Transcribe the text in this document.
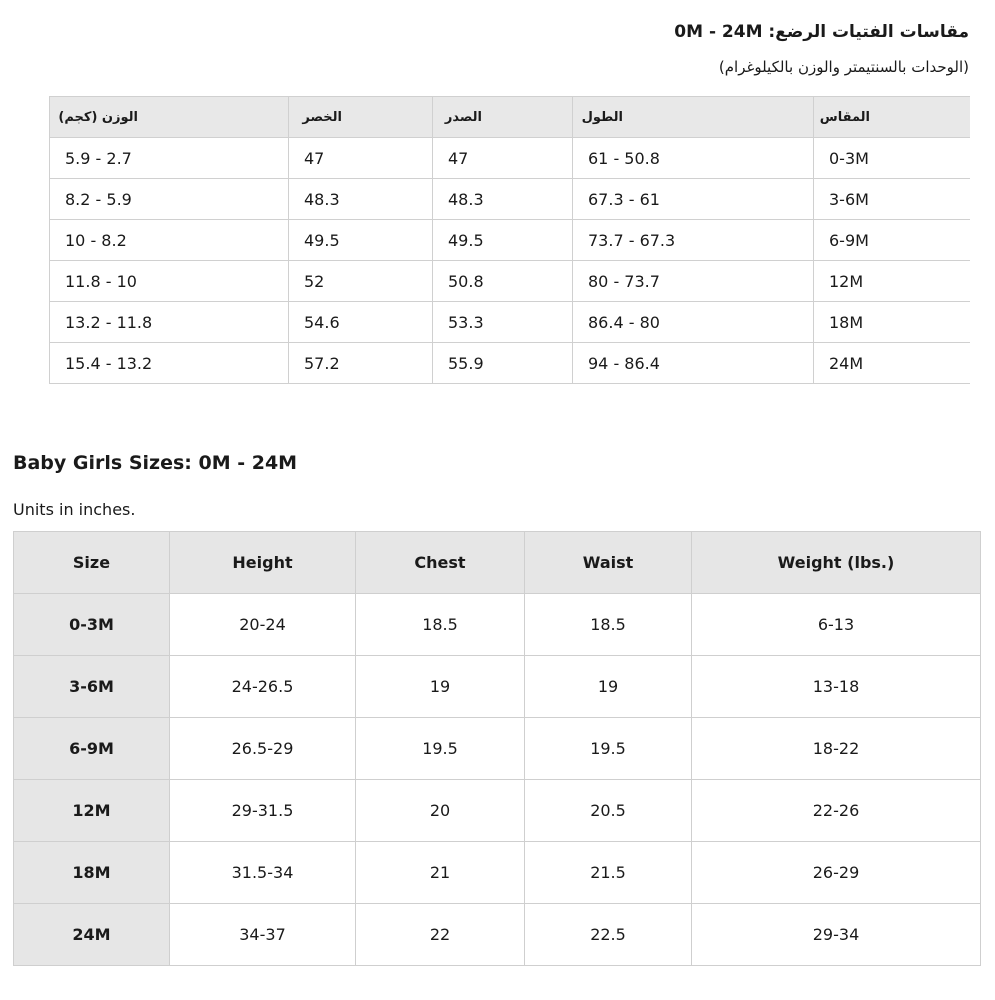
مقاسات الفتيات الرضع: 0M - 24M
(الوحدات بالسنتيمتر والوزن بالكيلوغرام)
الوزن (كجم)	الخصر	الصدر	الطول	المقاس
5.9 - 2.7	47	47	61 - 50.8	0-3M
8.2 - 5.9	48.3	48.3	67.3 - 61	3-6M
10 - 8.2	49.5	49.5	73.7 - 67.3	6-9M
11.8 - 10	52	50.8	80 - 73.7	12M
13.2 - 11.8	54.6	53.3	86.4 - 80	18M
15.4 - 13.2	57.2	55.9	94 - 86.4	24M
Baby Girls Sizes: 0M - 24M
Units in inches.
Size	Height	Chest	Waist	Weight (lbs.)
0-3M	20-24	18.5	18.5	6-13
3-6M	24-26.5	19	19	13-18
6-9M	26.5-29	19.5	19.5	18-22
12M	29-31.5	20	20.5	22-26
18M	31.5-34	21	21.5	26-29
24M	34-37	22	22.5	29-34
